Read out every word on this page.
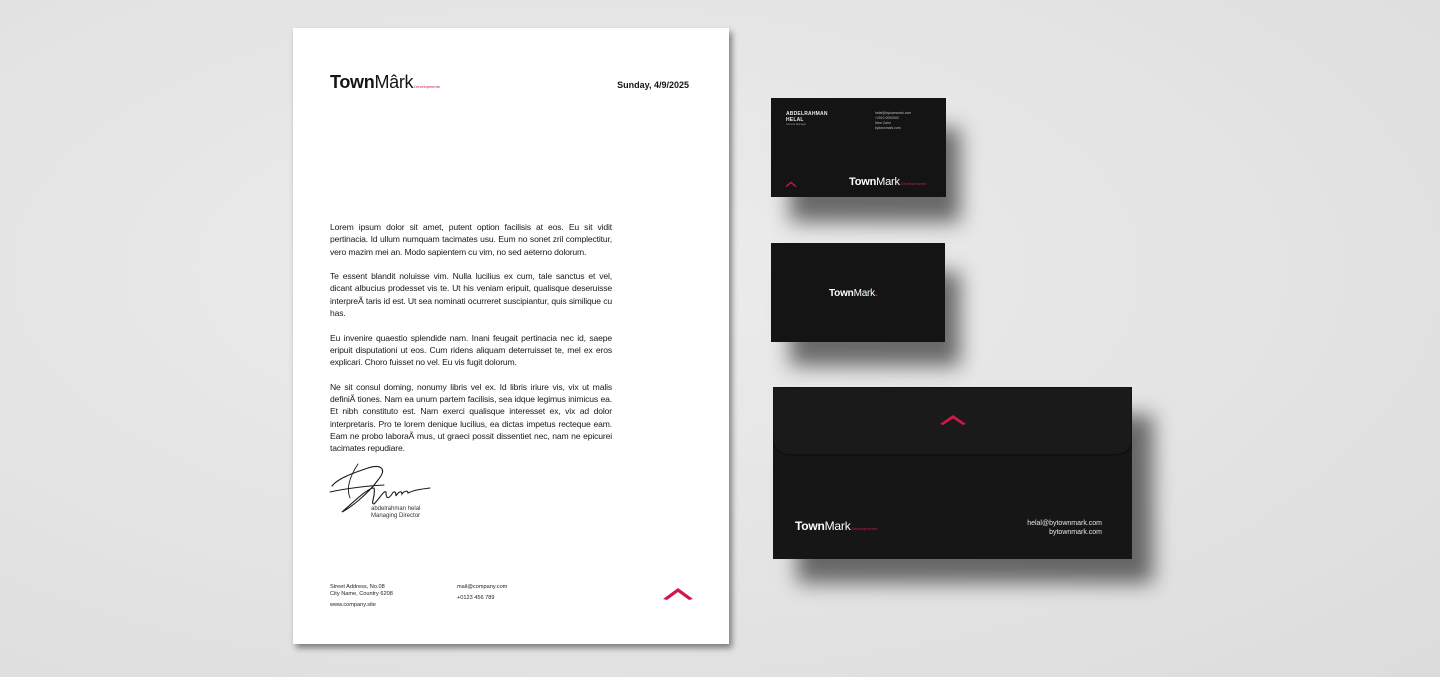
TownMârkDevelopments	Sunday, 4/9/2025

Lorem ipsum dolor sit amet, putent option facilisis at eos. Eu sit vidit pertinacia. Id ullum numquam tacimates usu. Eum no sonet zril complectitur, vero mazim mei an. Modo sapientem cu vim, no sed aeterno dolorum.

Te essent blandit noluisse vim. Nulla lucilius ex cum, tale sanctus et vel, dicant albucius prodesset vis te. Ut his veniam eripuit, qualisque deseruisse interpreÃ taris id est. Ut sea nominati ocurreret suscipiantur, quis similique cu has.

Eu invenire quaestio splendide nam. Inani feugait pertinacia nec id, saepe eripuit disputationi ut eos. Cum ridens aliquam deterruisset te, mel ex eros explicari. Choro fuisset no vel. Eu vis fugit dolorum.

Ne sit consul doming, nonumy libris vel ex. Id libris iriure vis, vix ut malis definiÃ tiones. Nam ea unum partem facilisis, sea idque legimus inimicus ea. Et nibh constituto est. Nam exerci qualisque interesset ex, vix ad dolor interpretaris. Pro te lorem denique lucilius, ea dictas impetus recteque eam. Eam ne probo laboraÃ mus, ut graeci possit dissentiet nec, nam ne epicurei tacimates repudiare.

abdelrahman helal
Managing Director
Street Address, No.08
City Name, Country 6208
www.company.site
mail@company.com
+0123 456 789
ABDELRAHMAN
HELAL
General Manager
helal@bytownmark.com
+2010 0000000
New Cairo
bytownmark.com
TownMarkDevelopments
TownMark.
TownMarkDevelopments
helal@bytownmark.com
bytownmark.com
